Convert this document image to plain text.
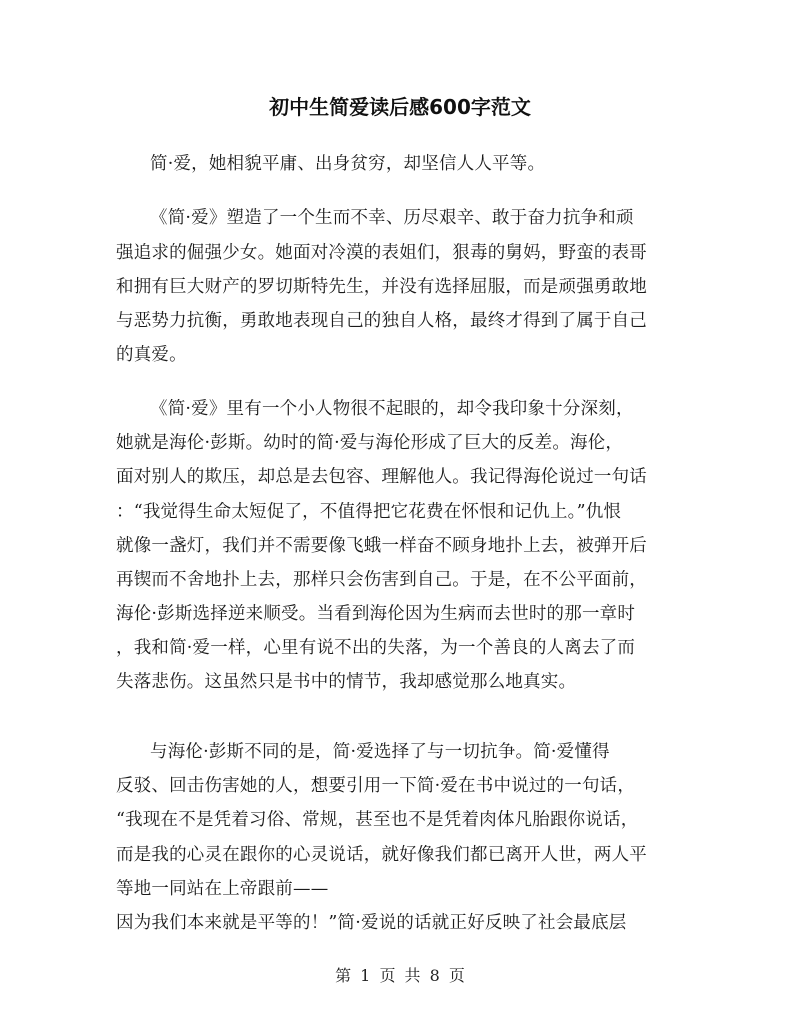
初中生简爱读后感600字范文
简·爱，她相貌平庸、出身贫穷，却坚信人人平等。
《简·爱》塑造了一个生而不幸、历尽艰辛、敢于奋力抗争和顽
强追求的倔强少女。她面对冷漠的表姐们，狠毒的舅妈，野蛮的表哥
和拥有巨大财产的罗切斯特先生，并没有选择屈服，而是顽强勇敢地
与恶势力抗衡，勇敢地表现自己的独自人格，最终才得到了属于自己
的真爱。
《简·爱》里有一个小人物很不起眼的，却令我印象十分深刻，
她就是海伦·彭斯。幼时的简·爱与海伦形成了巨大的反差。海伦，
面对别人的欺压，却总是去包容、理解他人。我记得海伦说过一句话
：“我觉得生命太短促了，不值得把它花费在怀恨和记仇上。”仇恨
就像一盏灯，我们并不需要像飞蛾一样奋不顾身地扑上去，被弹开后
再锲而不舍地扑上去，那样只会伤害到自己。于是，在不公平面前，
海伦·彭斯选择逆来顺受。当看到海伦因为生病而去世时的那一章时
，我和简·爱一样，心里有说不出的失落，为一个善良的人离去了而
失落悲伤。这虽然只是书中的情节，我却感觉那么地真实。
与海伦·彭斯不同的是，简·爱选择了与一切抗争。简·爱懂得
反驳、回击伤害她的人，想要引用一下简·爱在书中说过的一句话，
“我现在不是凭着习俗、常规，甚至也不是凭着肉体凡胎跟你说话，
而是我的心灵在跟你的心灵说话，就好像我们都已离开人世，两人平
等地一同站在上帝跟前——
因为我们本来就是平等的！”简·爱说的话就正好反映了社会最底层
第 1 页 共 8 页
